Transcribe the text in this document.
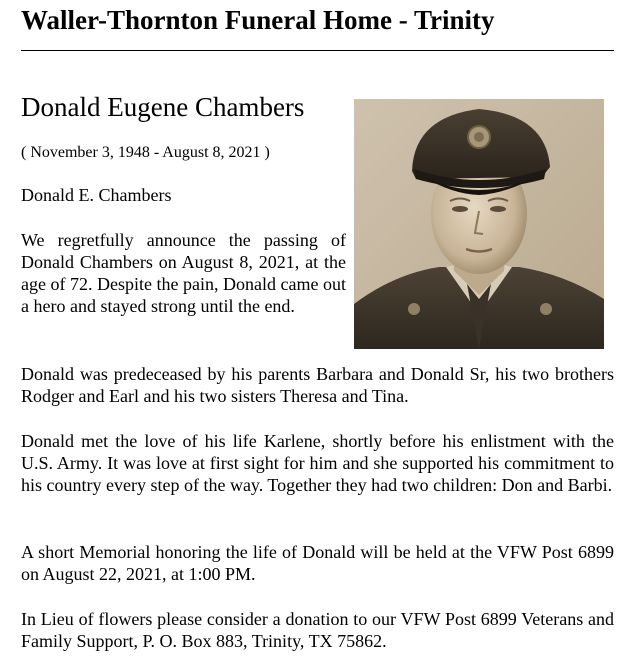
Waller-Thornton Funeral Home - Trinity
Donald Eugene Chambers
( November 3, 1948 - August 8, 2021 )
Donald E. Chambers

We regretfully announce the passing of Donald Chambers on August 8, 2021, at the age of 72. Despite the pain, Donald came out a hero and stayed strong until the end.

Donald was predeceased by his parents Barbara and Donald Sr, his two brothers Rodger and Earl and his two sisters Theresa and Tina.

Donald met the love of his life Karlene, shortly before his enlistment with the U.S. Army. It was love at first sight for him and she supported his commitment to his country every step of the way. Together they had two children: Don and Barbi.

A short Memorial honoring the life of Donald will be held at the VFW Post 6899 on August 22, 2021, at 1:00 PM.

In Lieu of flowers please consider a donation to our VFW Post 6899 Veterans and Family Support, P. O. Box 883, Trinity, TX 75862.
